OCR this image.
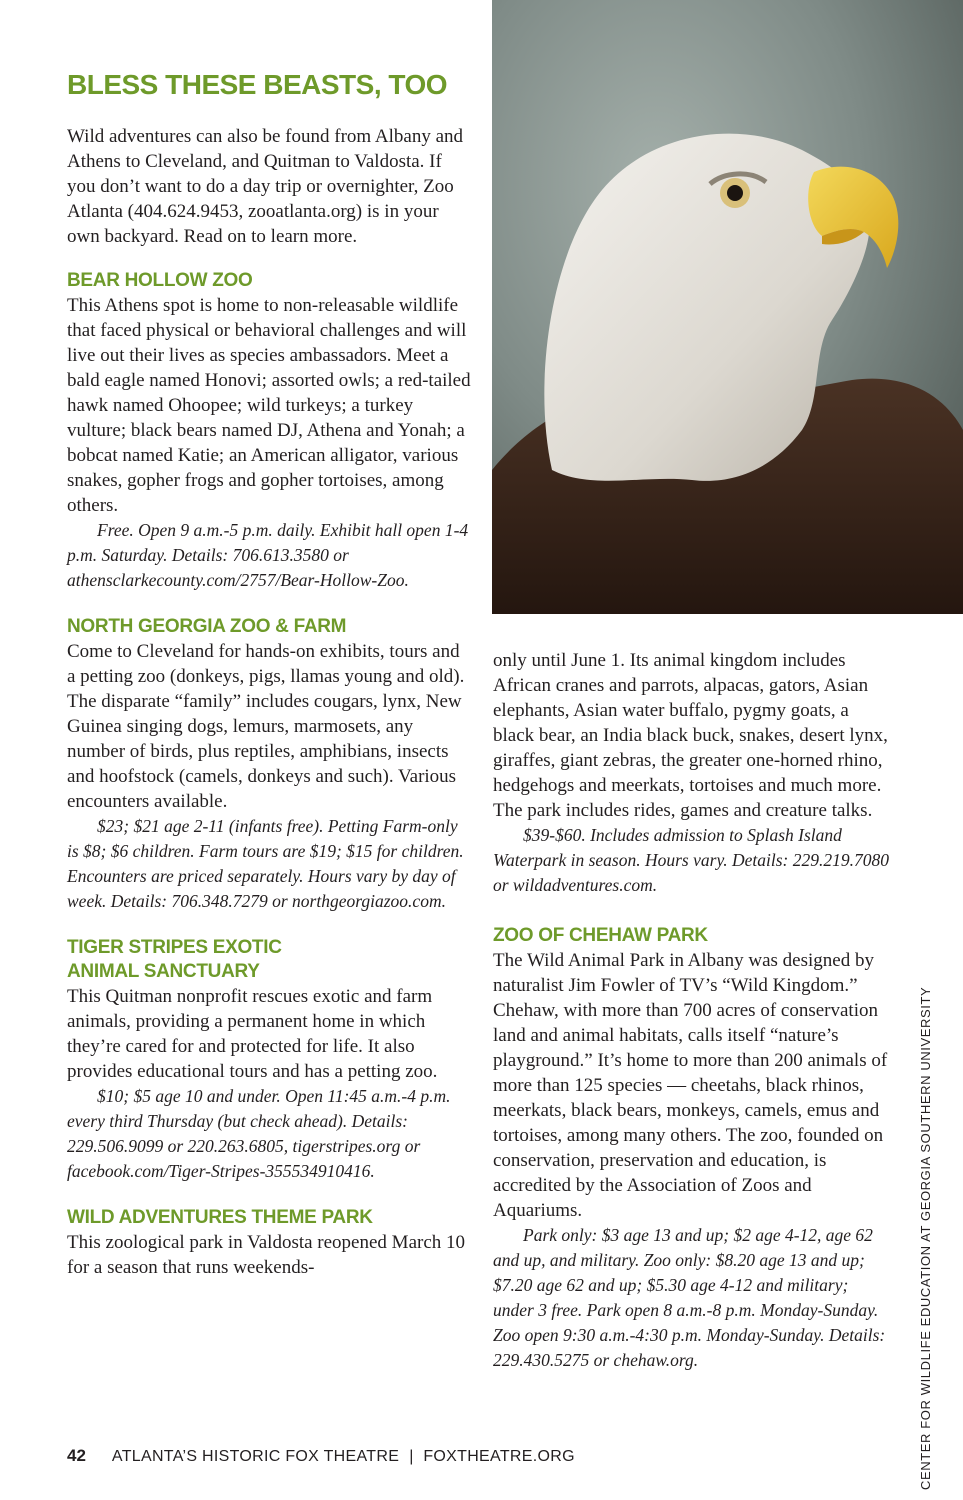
CENTER FOR WILDLIFE EDUCATION AT GEORGIA SOUTHERN UNIVERSITY
BLESS THESE BEASTS, TOO

Wild adventures can also be found from Albany and Athens to Cleveland, and Quitman to Valdosta. If you don’t want to do a day trip or overnighter, Zoo Atlanta (404.624.9453, zooatlanta.org) is in your own backyard. Read on to learn more.

BEAR HOLLOW ZOO

This Athens spot is home to non-releasable wildlife that faced physical or behavioral challenges and will live out their lives as species ambassadors. Meet a bald eagle named Honovi; assorted owls; a red-tailed hawk named Ohoopee; wild turkeys; a turkey vulture; black bears named DJ, Athena and Yonah; a bobcat named Katie; an American alligator, various snakes, gopher frogs and gopher tortoises, among others.

Free. Open 9 a.m.-5 p.m. daily. Exhibit hall open 1-4 p.m. Saturday. Details: 706.613.3580 or athensclarkecounty.com/2757/Bear-Hollow-Zoo.

NORTH GEORGIA ZOO & FARM

Come to Cleveland for hands-on exhibits, tours and a petting zoo (donkeys, pigs, llamas young and old). The disparate “family” includes cougars, lynx, New Guinea singing dogs, lemurs, marmosets, any number of birds, plus reptiles, amphibians, insects and hoofstock (camels, donkeys and such). Various encounters available.

$23; $21 age 2-11 (infants free). Petting Farm-only is $8; $6 children. Farm tours are $19; $15 for children. Encounters are priced separately. Hours vary by day of week. Details: 706.348.7279 or northgeorgiazoo.com.

TIGER STRIPES EXOTIC
ANIMAL SANCTUARY

This Quitman nonprofit rescues exotic and farm animals, providing a permanent home in which they’re cared for and protected for life. It also provides educational tours and has a petting zoo.

$10; $5 age 10 and under. Open 11:45 a.m.-4 p.m. every third Thursday (but check ahead). Details: 229.506.9099 or 220.263.6805, tigerstripes.org or facebook.com/Tiger-Stripes-355534910416.

WILD ADVENTURES THEME PARK

This zoological park in Valdosta reopened March 10 for a season that runs weekends-

only until June 1. Its animal kingdom includes African cranes and parrots, alpacas, gators, Asian elephants, Asian water buffalo, pygmy goats, a black bear, an India black buck, snakes, desert lynx, giraffes, giant zebras, the greater one-horned rhino, hedgehogs and meerkats, tortoises and much more. The park includes rides, games and creature talks.

$39-$60. Includes admission to Splash Island Waterpark in season. Hours vary. Details: 229.219.7080 or wildadventures.com.

ZOO OF CHEHAW PARK

The Wild Animal Park in Albany was designed by naturalist Jim Fowler of TV’s “Wild Kingdom.” Chehaw, with more than 700 acres of conservation land and animal habitats, calls itself “nature’s playground.” It’s home to more than 200 animals of more than 125 species — cheetahs, black rhinos, meerkats, black bears, monkeys, camels, emus and tortoises, among many others. The zoo, founded on conservation, preservation and education, is accredited by the Association of Zoos and Aquariums.

Park only: $3 age 13 and up; $2 age 4-12, age 62 and up, and military. Zoo only: $8.20 age 13 and up; $7.20 age 62 and up; $5.30 age 4-12 and military; under 3 free. Park open 8 a.m.-8 p.m. Monday-Sunday. Zoo open 9:30 a.m.-4:30 p.m. Monday-Sunday. Details: 229.430.5275 or chehaw.org.

42 ATLANTA’S HISTORIC FOX THEATRE | FOXTHEATRE.ORG
